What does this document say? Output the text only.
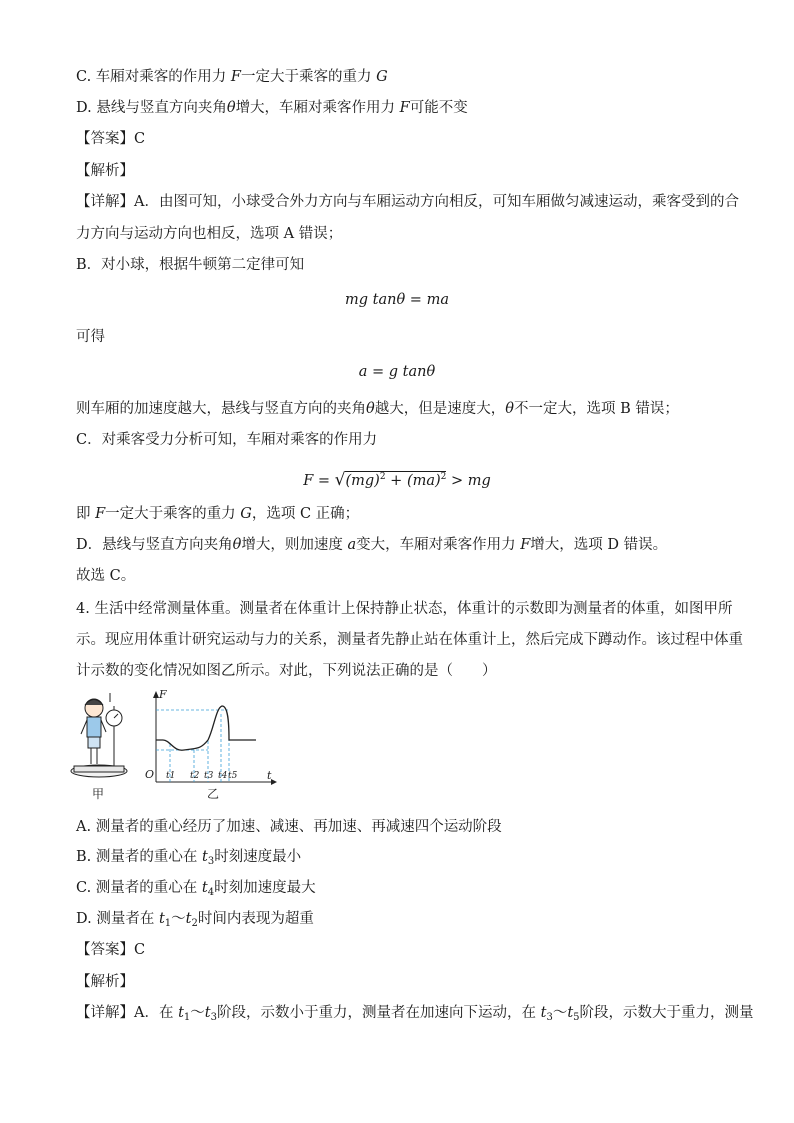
C. 车厢对乘客的作用力 F一定大于乘客的重力 G
D. 悬线与竖直方向夹角θ增大，车厢对乘客作用力 F可能不变
【答案】C
【解析】
【详解】A．由图可知，小球受合外力方向与车厢运动方向相反，可知车厢做匀减速运动，乘客受到的合
力方向与运动方向也相反，选项 A 错误；
B．对小球，根据牛顿第二定律可知
mg tanθ = ma
可得
a = g tanθ
则车厢的加速度越大，悬线与竖直方向的夹角θ越大，但是速度大，θ不一定大，选项 B 错误；
C．对乘客受力分析可知，车厢对乘客的作用力
F = √(mg)$^2$ + (ma)$^2$ > mg
即 F一定大于乘客的重力 G，选项 C 正确；
D．悬线与竖直方向夹角θ增大，则加速度 a变大，车厢对乘客作用力 F增大，选项 D 错误。
故选 C。
4. 生活中经常测量体重。测量者在体重计上保持静止状态，体重计的示数即为测量者的体重，如图甲所
示。现应用体重计研究运动与力的关系，测量者先静止站在体重计上，然后完成下蹲动作。该过程中体重
计示数的变化情况如图乙所示。对此，下列说法正确的是（　　）
F
t
O t1 t2 t3 t4 t5
甲	乙
A. 测量者的重心经历了加速、减速、再加速、再减速四个运动阶段
B. 测量者的重心在 $t_3$时刻速度最小
C. 测量者的重心在 $t_4$时刻加速度最大
D. 测量者在 $t_1\sim t_2$时间内表现为超重
【答案】C
【解析】
【详解】A．在 $t_1\sim t_3$阶段，示数小于重力，测量者在加速向下运动，在 $t_3\sim t_5$阶段，示数大于重力，测量
